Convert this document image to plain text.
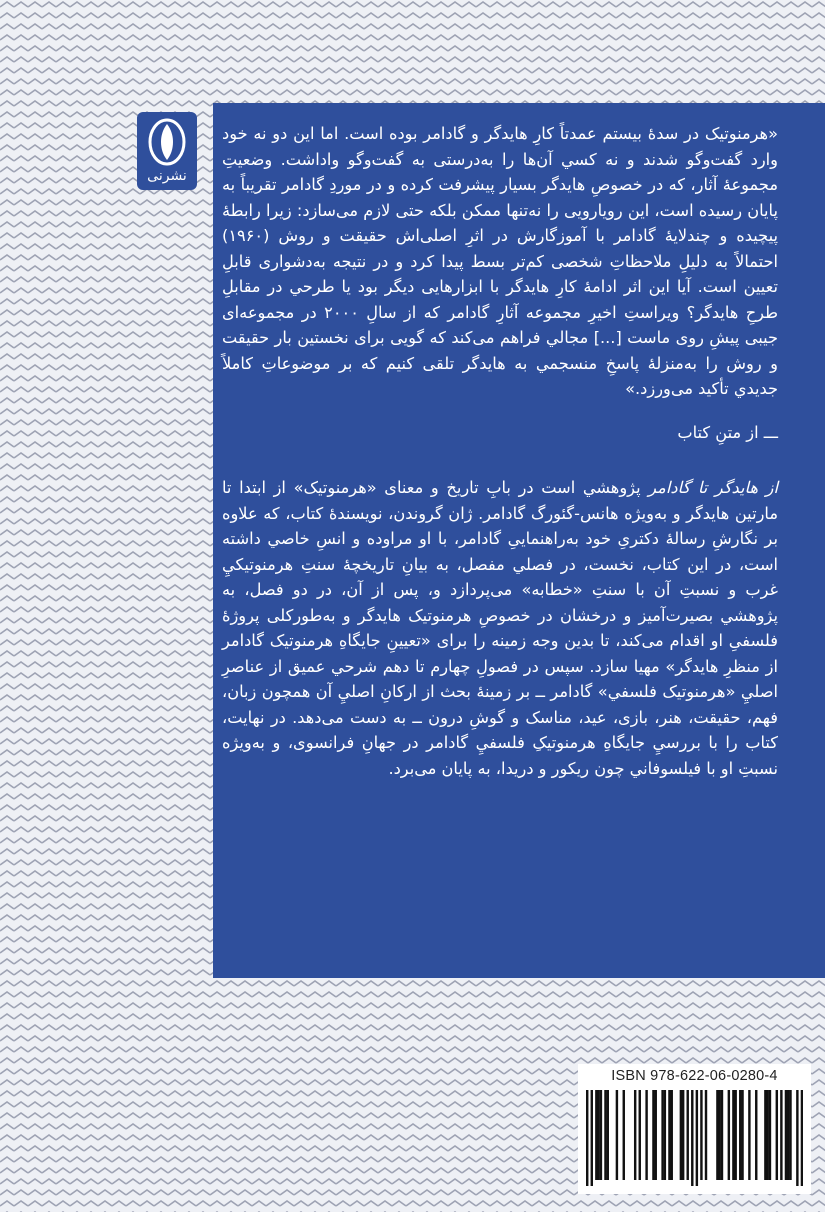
نشرنی

«هرمنوتیک در سدهٔ بیستم عمدتاً کارِ هایدگر و گادامر بوده است. اما این دو نه خود وارد گفت‌وگو شدند و نه کسي آن‌ها را به‌درستی به گفت‌وگو واداشت. وضعیتِ مجموعهٔ آثار، که در خصوصِ هایدگر بسیار پیشرفت کرده و در موردِ گادامر تقریباً به پایان رسیده است، این رویارویی را نه‌تنها ممکن بلکه حتی لازم می‌سازد: زیرا رابطهٔ پیچیده و چندلایهٔ گادامر با آموزگارش در اثرِ اصلی‌اش حقیقت و روش (۱۹۶۰) احتمالاً به دلیلِ ملاحظاتِ شخصی کم‌تر بسط پیدا کرد و در نتیجه به‌دشواری قابلِ تعیین است. آیا این اثر ادامهٔ کارِ هایدگر با ابزارهایی دیگر بود یا طرحي در مقابلِ طرحِ هایدگر؟ ویراستِ اخیرِ مجموعه آثارِ گادامر که از سالِ ۲۰۰۰ در مجموعه‌ای جیبی پیشِ روی ماست [...] مجالي فراهم می‌کند که گویی برای نخستین بار حقیقت و روش را به‌منزلهٔ پاسخِ منسجمي به هایدگر تلقی کنیم که بر موضوعاتِ کاملاً جدیدي تأکید می‌ورزد.»

ـــ از متنِ کتاب

از هایدگر تا گادامر پژوهشي است در بابِ تاریخ و معنای «هرمنوتیک» از ابتدا تا مارتین هایدگر و به‌ویژه هانس-گئورگ گادامر. ژان گروندن، نویسندهٔ کتاب، که علاوه بر نگارشِ رسالهٔ دکتریِ خود به‌راهنماییِ گادامر، با او مراوده و انسِ خاصي داشته است، در این کتاب، نخست، در فصلي مفصل، به بیانِ تاریخچهٔ سنتِ هرمنوتیکيِ غرب و نسبتِ آن با سنتِ «خطابه» می‌پردازد و، پس از آن، در دو فصل، به پژوهشي بصیرت‌آمیز و درخشان در خصوصِ هرمنوتیک هایدگر و به‌طورکلی پروژهٔ فلسفیِ او اقدام می‌کند، تا بدین وجه زمینه را برای «تعیینِ جایگاهِ هرمنوتیک گادامر از منظرِ هایدگر» مهیا سازد. سپس در فصولِ چهارم تا دهم شرحي عمیق از عناصرِ اصليِ «هرمنوتیک فلسفي» گادامر ــ بر زمینهٔ بحث از ارکانِ اصليِ آن همچون زبان، فهم، حقیقت، هنر، بازی، عید، مناسک و گوشِ درون ــ به دست می‌دهد. در نهایت، کتاب را با بررسيِ جایگاهِ هرمنوتیکِ فلسفيِ گادامر در جهانِ فرانسوی، و به‌ویژه نسبتِ او با فیلسوفاني چون ریکور و دریدا، به پایان می‌برد.

ISBN 978-622-06-0280-4
